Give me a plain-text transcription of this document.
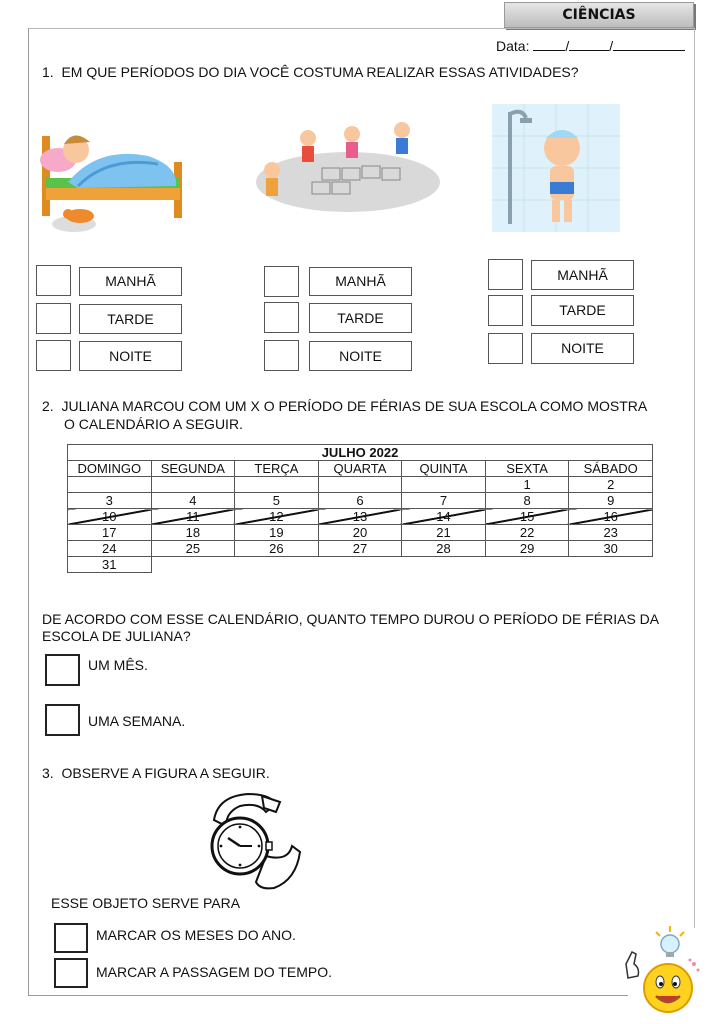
CIÊNCIAS
Data:	/	/
1. EM QUE PERÍODOS DO DIA VOCÊ COSTUMA REALIZAR ESSAS ATIVIDADES?
MANHÃ
TARDE
NOITE
MANHÃ
TARDE
NOITE
MANHÃ
TARDE
NOITE
2. JULIANA MARCOU COM UM X O PERÍODO DE FÉRIAS DE SUA ESCOLA COMO MOSTRA
O CALENDÁRIO A SEGUIR.
JULHO 2022						
DOMINGO	SEGUNDA	TERÇA	QUARTA	QUINTA	SEXTA	SÁBADO
					1	2
3	4	5	6	7	8	9
10	11	12	13	14	15	16
17	18	19	20	21	22	23
24	25	26	27	28	29	30
31						
DE ACORDO COM ESSE CALENDÁRIO, QUANTO TEMPO DUROU O PERÍODO DE FÉRIAS DA
ESCOLA DE JULIANA?
UM MÊS.
UMA SEMANA.
3. OBSERVE A FIGURA A SEGUIR.
ESSE OBJETO SERVE PARA
MARCAR OS MESES DO ANO.
MARCAR A PASSAGEM DO TEMPO.
